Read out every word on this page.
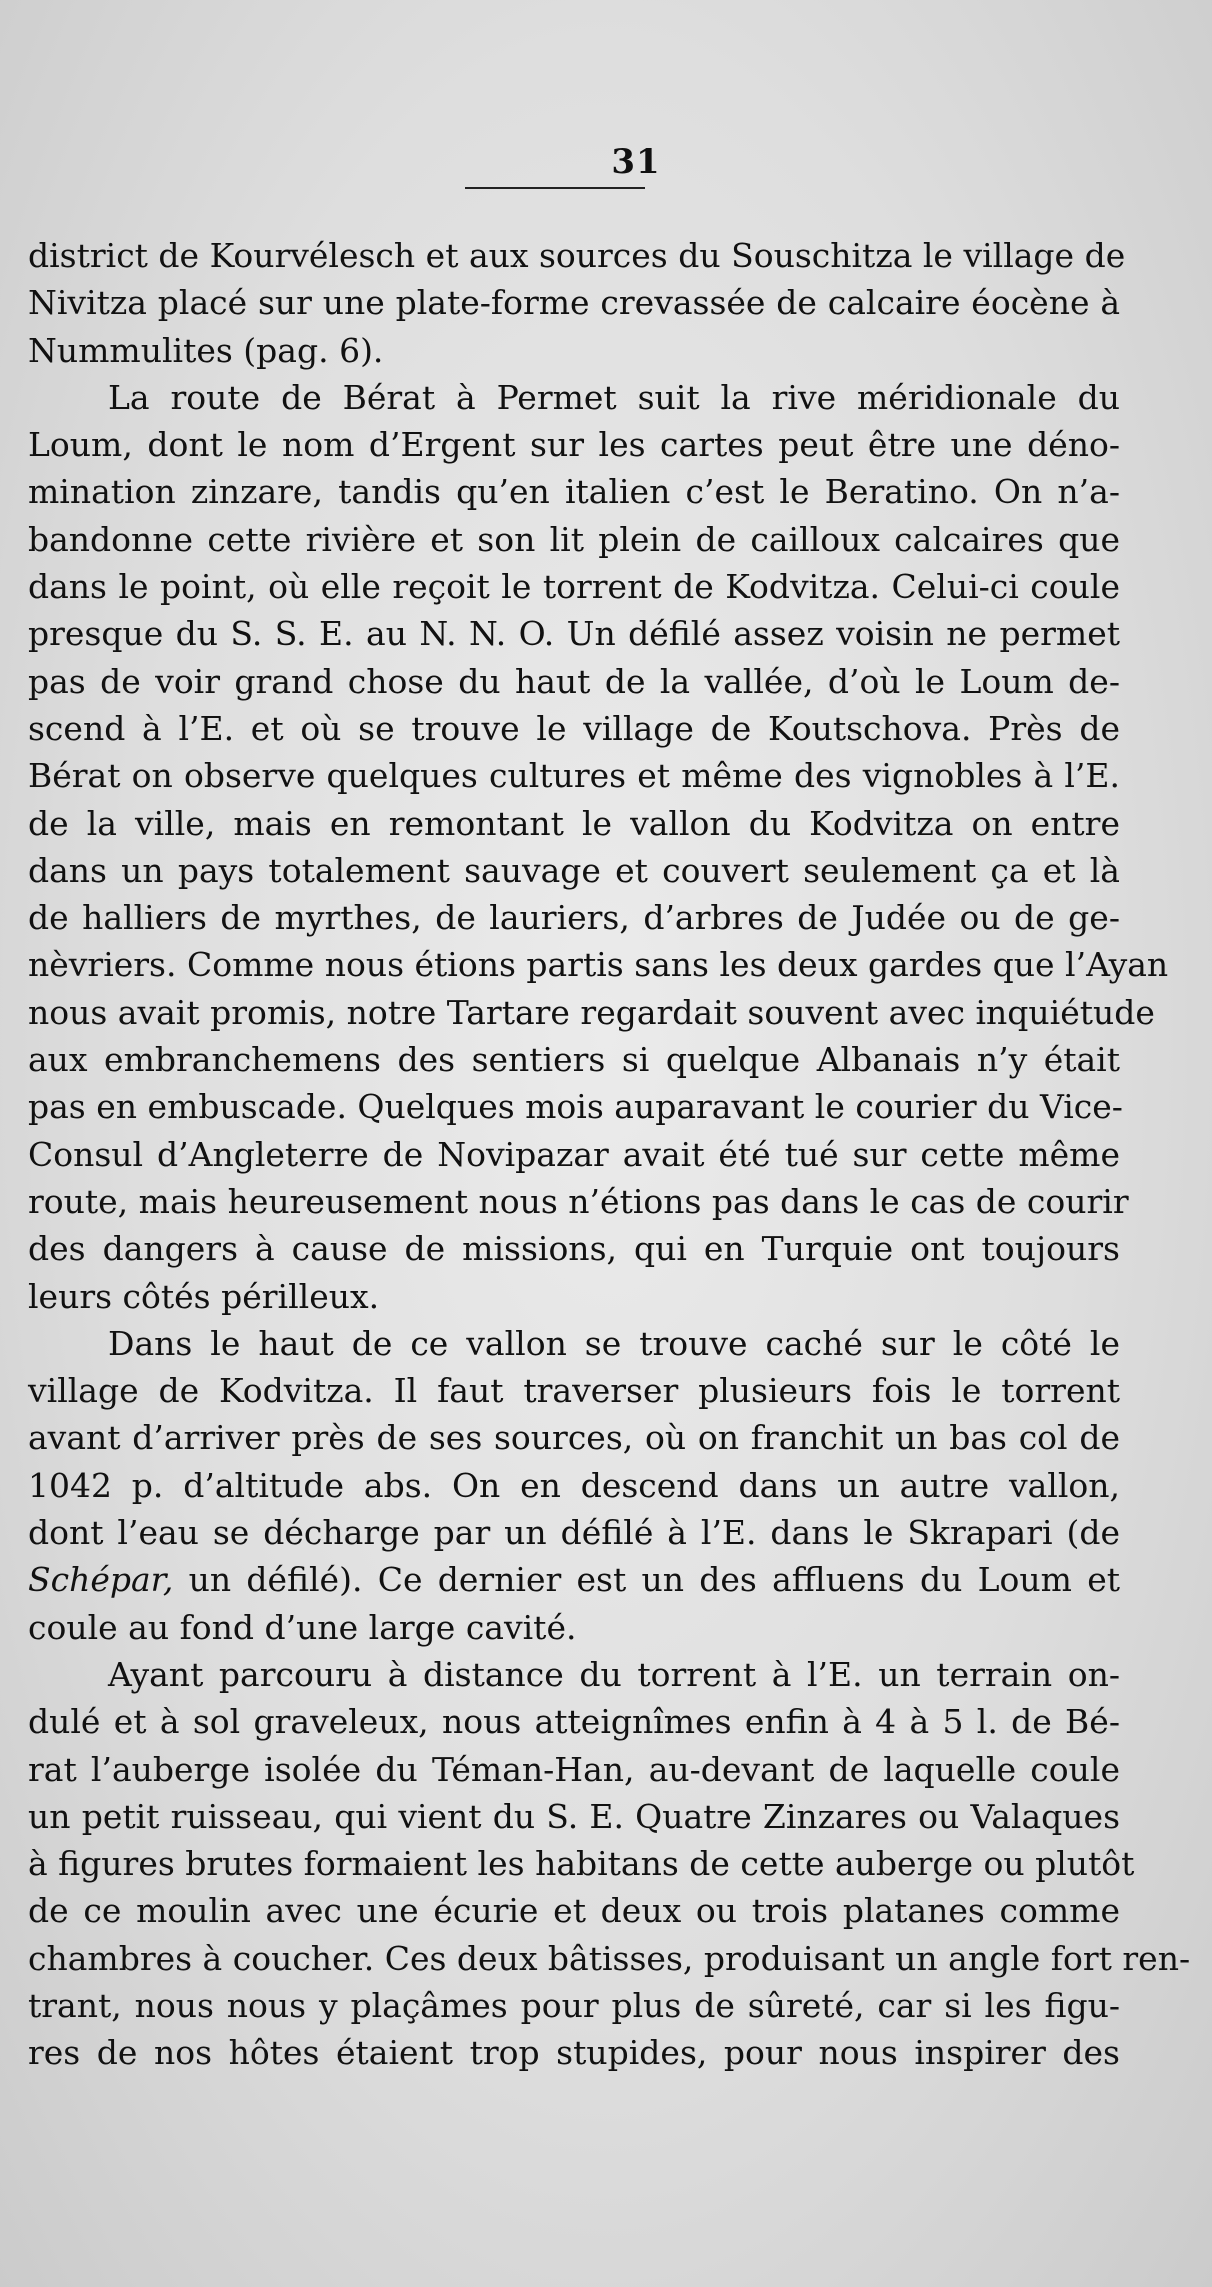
31
district de Kourvélesch et aux sources du Souschitza le village de
Nivitza placé sur une plate-forme crevassée de calcaire éocène à
Nummulites (pag. 6).
La route de Bérat à Permet suit la rive méridionale du
Loum, dont le nom d’Ergent sur les cartes peut être une déno-
mination zinzare, tandis qu’en italien c’est le Beratino. On n’a-
bandonne cette rivière et son lit plein de cailloux calcaires que
dans le point, où elle reçoit le torrent de Kodvitza. Celui-ci coule
presque du S. S. E. au N. N. O. Un défilé assez voisin ne permet
pas de voir grand chose du haut de la vallée, d’où le Loum de-
scend à l’E. et où se trouve le village de Koutschova. Près de
Bérat on observe quelques cultures et même des vignobles à l’E.
de la ville, mais en remontant le vallon du Kodvitza on entre
dans un pays totalement sauvage et couvert seulement ça et là
de halliers de myrthes, de lauriers, d’arbres de Judée ou de ge-
nèvriers. Comme nous étions partis sans les deux gardes que l’Ayan
nous avait promis, notre Tartare regardait souvent avec inquiétude
aux embranchemens des sentiers si quelque Albanais n’y était
pas en embuscade. Quelques mois auparavant le courier du Vice-
Consul d’Angleterre de Novipazar avait été tué sur cette même
route, mais heureusement nous n’étions pas dans le cas de courir
des dangers à cause de missions, qui en Turquie ont toujours
leurs côtés périlleux.
Dans le haut de ce vallon se trouve caché sur le côté le
village de Kodvitza. Il faut traverser plusieurs fois le torrent
avant d’arriver près de ses sources, où on franchit un bas col de
1042 p. d’altitude abs. On en descend dans un autre vallon,
dont l’eau se décharge par un défilé à l’E. dans le Skrapari (de
Schépar, un défilé). Ce dernier est un des affluens du Loum et
coule au fond d’une large cavité.
Ayant parcouru à distance du torrent à l’E. un terrain on-
dulé et à sol graveleux, nous atteignîmes enfin à 4 à 5 l. de Bé-
rat l’auberge isolée du Téman-Han, au-devant de laquelle coule
un petit ruisseau, qui vient du S. E. Quatre Zinzares ou Valaques
à figures brutes formaient les habitans de cette auberge ou plutôt
de ce moulin avec une écurie et deux ou trois platanes comme
chambres à coucher. Ces deux bâtisses, produisant un angle fort ren-
trant, nous nous y plaçâmes pour plus de sûreté, car si les figu-
res de nos hôtes étaient trop stupides, pour nous inspirer des
